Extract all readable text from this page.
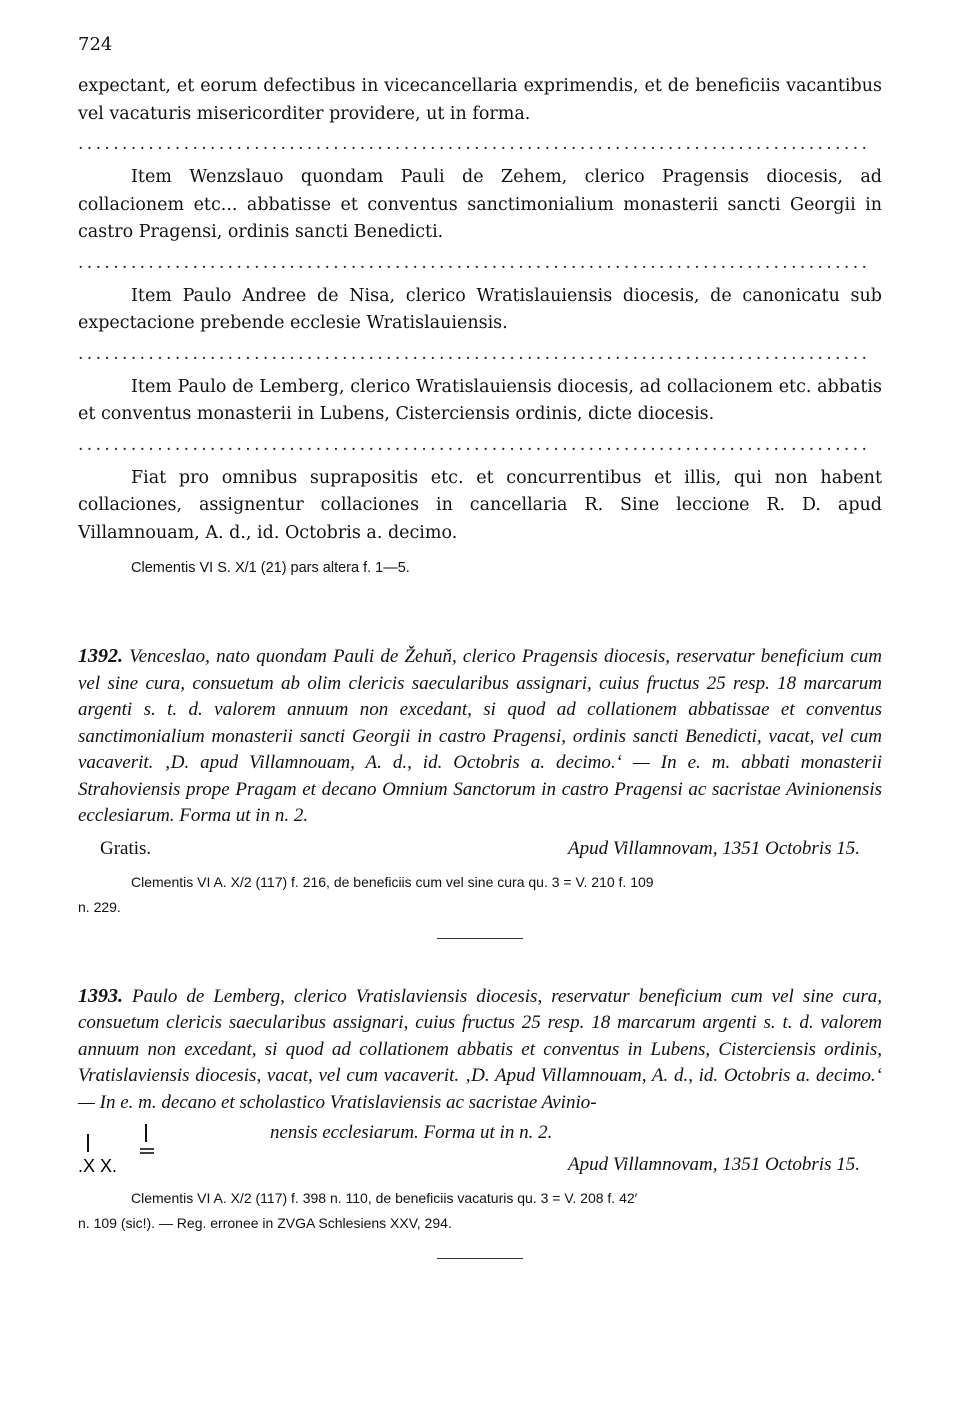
724

expectant, et eorum defectibus in vicecancellaria exprimendis, et de beneficiis vacantibus vel vacaturis misericorditer providere, ut in forma.

..........................................................................................

Item Wenzslauo quondam Pauli de Zehem, clerico Pragensis diocesis, ad collacionem etc... abbatisse et conventus sanctimonialium monasterii sancti Georgii in castro Pragensi, ordinis sancti Benedicti.

..........................................................................................

Item Paulo Andree de Nisa, clerico Wratislauiensis diocesis, de canonicatu sub expectacione prebende ecclesie Wratislauiensis.

..........................................................................................

Item Paulo de Lemberg, clerico Wratislauiensis diocesis, ad collacionem etc. abbatis et conventus monasterii in Lubens, Cisterciensis ordinis, dicte diocesis.

..........................................................................................

Fiat pro omnibus suprapositis etc. et concurrentibus et illis, qui non habent collaciones, assignentur collaciones in cancellaria R. Sine leccione R. D. apud Villamnouam, A. d., id. Octobris a. decimo.

Clementis VI S. X/1 (21) pars altera f. 1—5.

1392. Venceslao, nato quondam Pauli de Žehuň, clerico Pragensis diocesis, reservatur beneficium cum vel sine cura, consuetum ab olim clericis saecularibus assignari, cuius fructus 25 resp. 18 marcarum argenti s. t. d. valorem annuum non excedant, si quod ad collationem abbatissae et conventus sanctimonialium monasterii sancti Georgii in castro Pragensi, ordinis sancti Benedicti, vacat, vel cum vacaverit. ‚D. apud Villamnouam, A. d., id. Octobris a. decimo.‘ — In e. m. abbati monasterii Strahoviensis prope Pragam et decano Omnium Sanctorum in castro Pragensi ac sacristae Avinionensis ecclesiarum. Forma ut in n. 2.

Gratis.	Apud Villamnovam, 1351 Octobris 15.
Clementis VI A. X/2 (117) f. 216, de beneficiis cum vel sine cura qu. 3 = V. 210 f. 109
n. 229.

1393. Paulo de Lemberg, clerico Vratislaviensis diocesis, reservatur beneficium cum vel sine cura, consuetum clericis saecularibus assignari, cuius fructus 25 resp. 18 marcarum argenti s. t. d. valorem annuum non excedant, si quod ad collationem abbatis et conventus in Lubens, Cisterciensis ordinis, Vratislaviensis diocesis, vacat, vel cum vacaverit. ‚D. Apud Villamnouam, A. d., id. Octobris a. decimo.‘ — In e. m. decano et scholastico Vratislaviensis ac sacristae Avinio-

.X X.
nensis ecclesiarum. Forma ut in n. 2.
Apud Villamnovam, 1351 Octobris 15.
Clementis VI A. X/2 (117) f. 398 n. 110, de beneficiis vacaturis qu. 3 = V. 208 f. 42′
n. 109 (sic!). — Reg. erronee in ZVGA Schlesiens XXV, 294.
